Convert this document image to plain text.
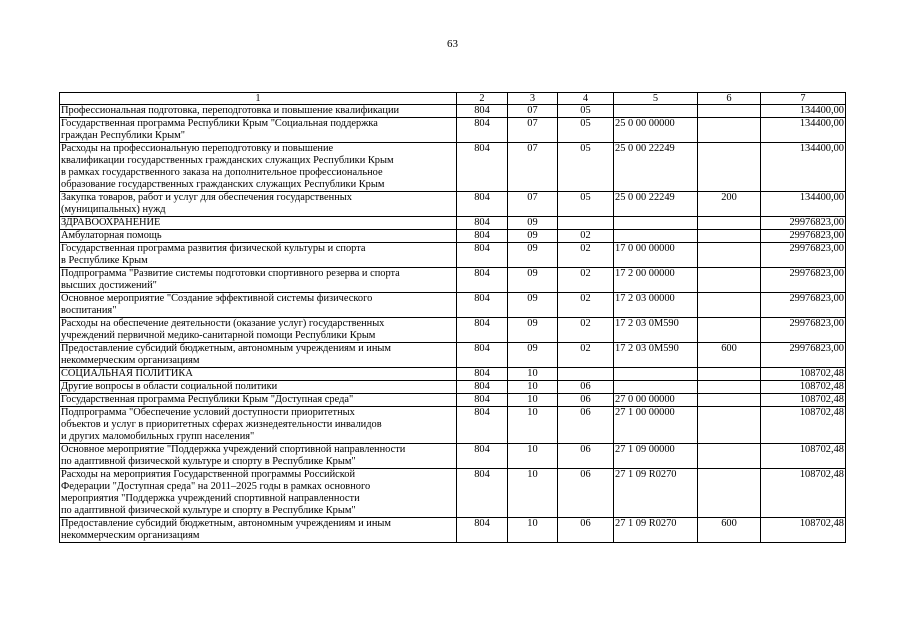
63
1	2	3	4	5	6	7
Профессиональная подготовка, переподготовка и повышение квалификации	804	07	05			134400,00
Государственная программа Республики Крым "Социальная поддержка
граждан Республики Крым"	804	07	05	25 0 00 00000		134400,00
Расходы на профессиональную переподготовку и повышение
квалификации государственных гражданских служащих Республики Крым
в рамках государственного заказа на дополнительное профессиональное
образование государственных гражданских служащих Республики Крым	804	07	05	25 0 00 22249		134400,00
Закупка товаров, работ и услуг для обеспечения государственных
(муниципальных) нужд	804	07	05	25 0 00 22249	200	134400,00
ЗДРАВООХРАНЕНИЕ	804	09				29976823,00
Амбулаторная помощь	804	09	02			29976823,00
Государственная программа развития физической культуры и спорта
в Республике Крым	804	09	02	17 0 00 00000		29976823,00
Подпрограмма "Развитие системы подготовки спортивного резерва и спорта
высших достижений"	804	09	02	17 2 00 00000		29976823,00
Основное мероприятие "Создание эффективной системы физического
воспитания"	804	09	02	17 2 03 00000		29976823,00
Расходы на обеспечение деятельности (оказание услуг) государственных
учреждений первичной медико-санитарной помощи Республики Крым	804	09	02	17 2 03 0М590		29976823,00
Предоставление субсидий бюджетным, автономным учреждениям и иным
некоммерческим организациям	804	09	02	17 2 03 0М590	600	29976823,00
СОЦИАЛЬНАЯ ПОЛИТИКА	804	10				108702,48
Другие вопросы в области социальной политики	804	10	06			108702,48
Государственная программа Республики Крым "Доступная среда"	804	10	06	27 0 00 00000		108702,48
Подпрограмма "Обеспечение условий доступности приоритетных
объектов и услуг в приоритетных сферах жизнедеятельности инвалидов
и других маломобильных групп населения"	804	10	06	27 1 00 00000		108702,48
Основное мероприятие "Поддержка учреждений спортивной направленности
по адаптивной физической культуре и спорту в Республике Крым"	804	10	06	27 1 09 00000		108702,48
Расходы на мероприятия Государственной программы Российской
Федерации "Доступная среда" на 2011–2025 годы в рамках основного
мероприятия "Поддержка учреждений спортивной направленности
по адаптивной физической культуре и спорту в Республике Крым"	804	10	06	27 1 09 R0270		108702,48
Предоставление субсидий бюджетным, автономным учреждениям и иным
некоммерческим организациям	804	10	06	27 1 09 R0270	600	108702,48
